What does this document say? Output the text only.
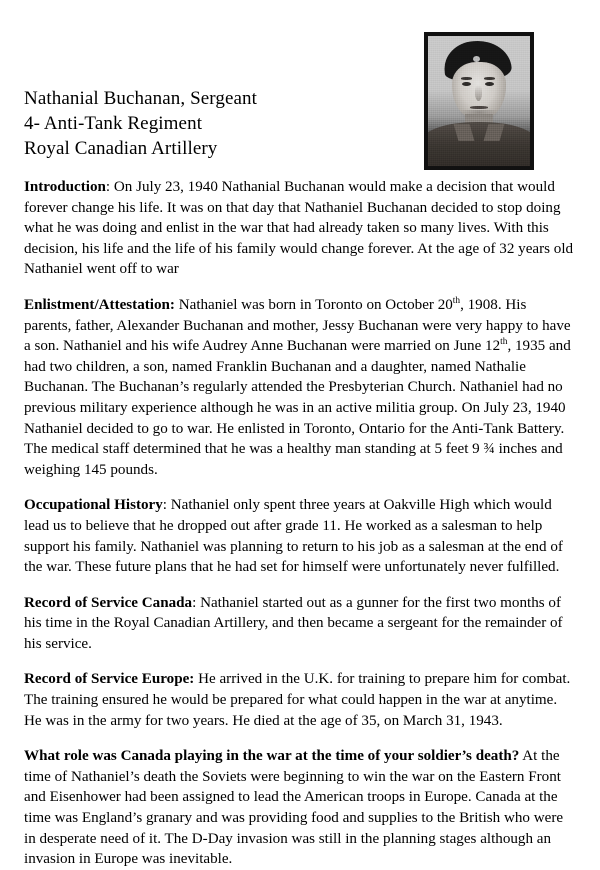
Nathanial Buchanan, Sergeant
4- Anti-Tank Regiment
Royal Canadian Artillery

Introduction: On July 23, 1940 Nathanial Buchanan would make a decision that would forever change his life. It was on that day that Nathaniel Buchanan decided to stop doing what he was doing and enlist in the war that had already taken so many lives. With this decision, his life and the life of his family would change forever. At the age of 32 years old Nathaniel went off to war

Enlistment/Attestation: Nathaniel was born in Toronto on October 20th, 1908. His parents, father, Alexander Buchanan and mother, Jessy Buchanan were very happy to have a son. Nathaniel and his wife Audrey Anne Buchanan were married on June 12th, 1935 and had two children, a son, named Franklin Buchanan and a daughter, named Nathalie Buchanan. The Buchanan’s regularly attended the Presbyterian Church. Nathaniel had no previous military experience although he was in an active militia group. On July 23, 1940 Nathaniel decided to go to war. He enlisted in Toronto, Ontario for the Anti-Tank Battery. The medical staff determined that he was a healthy man standing at 5 feet 9 ¾ inches and weighing 145 pounds.

Occupational History: Nathaniel only spent three years at Oakville High which would lead us to believe that he dropped out after grade 11. He worked as a salesman to help support his family. Nathaniel was planning to return to his job as a salesman at the end of the war. These future plans that he had set for himself were unfortunately never fulfilled.

Record of Service Canada: Nathaniel started out as a gunner for the first two months of his time in the Royal Canadian Artillery, and then became a sergeant for the remainder of his service.

Record of Service Europe: He arrived in the U.K. for training to prepare him for combat. The training ensured he would be prepared for what could happen in the war at anytime. He was in the army for two years. He died at the age of 35, on March 31, 1943.

What role was Canada playing in the war at the time of your soldier’s death? At the time of Nathaniel’s death the Soviets were beginning to win the war on the Eastern Front and Eisenhower had been assigned to lead the American troops in Europe. Canada at the time was England’s granary and was providing food and supplies to the British who were in desperate need of it. The D-Day invasion was still in the planning stages although an invasion in Europe was inevitable.
